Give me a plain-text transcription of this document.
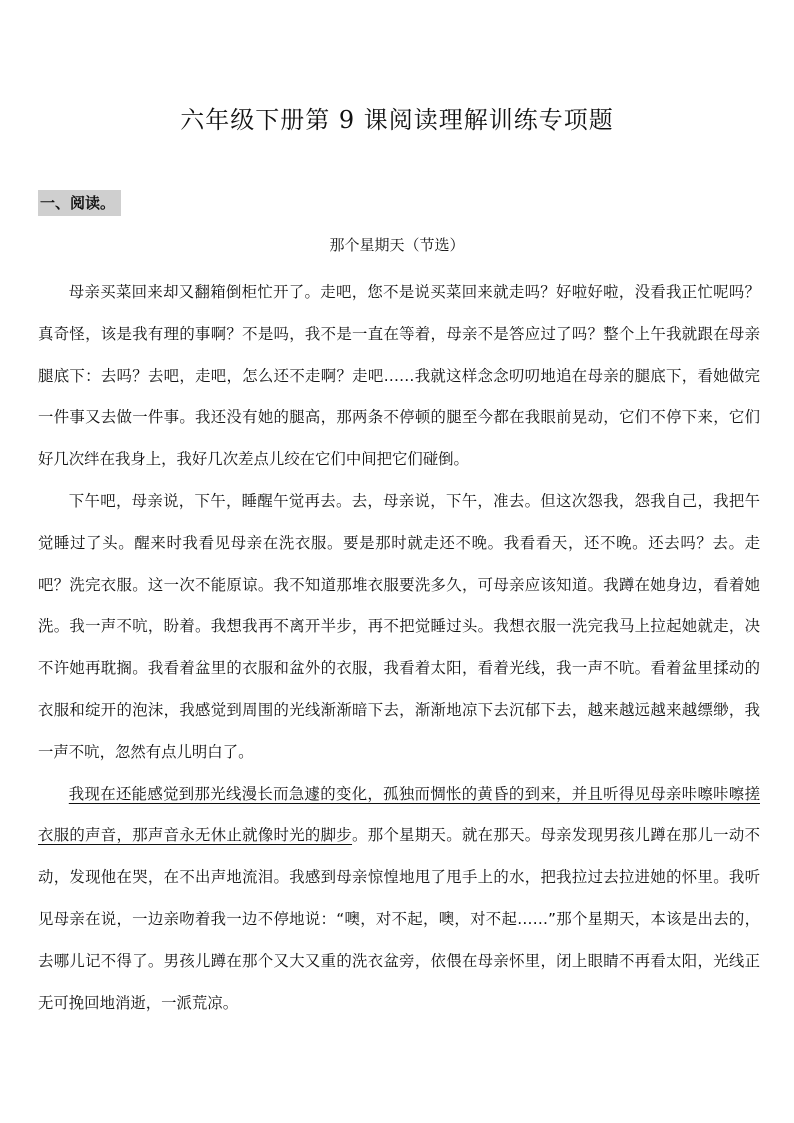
六年级下册第 9 课阅读理解训练专项题
一、阅读。
那个星期天（节选）

母亲买菜回来却又翻箱倒柜忙开了。走吧，您不是说买菜回来就走吗？好啦好啦，没看我正忙呢吗？真奇怪，该是我有理的事啊？不是吗，我不是一直在等着，母亲不是答应过了吗？整个上午我就跟在母亲腿底下：去吗？去吧，走吧，怎么还不走啊？走吧……我就这样念念叨叨地追在母亲的腿底下，看她做完一件事又去做一件事。我还没有她的腿高，那两条不停顿的腿至今都在我眼前晃动，它们不停下来，它们好几次绊在我身上，我好几次差点儿绞在它们中间把它们碰倒。

下午吧，母亲说，下午，睡醒午觉再去。去，母亲说，下午，准去。但这次怨我，怨我自己，我把午觉睡过了头。醒来时我看见母亲在洗衣服。要是那时就走还不晚。我看看天，还不晚。还去吗？去。走吧？洗完衣服。这一次不能原谅。我不知道那堆衣服要洗多久，可母亲应该知道。我蹲在她身边，看着她洗。我一声不吭，盼着。我想我再不离开半步，再不把觉睡过头。我想衣服一洗完我马上拉起她就走，决不许她再耽搁。我看着盆里的衣服和盆外的衣服，我看着太阳，看着光线，我一声不吭。看着盆里揉动的衣服和绽开的泡沫，我感觉到周围的光线渐渐暗下去，渐渐地凉下去沉郁下去，越来越远越来越缥缈，我一声不吭，忽然有点儿明白了。

我现在还能感觉到那光线漫长而急遽的变化，孤独而惆怅的黄昏的到来，并且听得见母亲咔嚓咔嚓搓衣服的声音，那声音永无休止就像时光的脚步。那个星期天。就在那天。母亲发现男孩儿蹲在那儿一动不动，发现他在哭，在不出声地流泪。我感到母亲惊惶地甩了甩手上的水，把我拉过去拉进她的怀里。我听见母亲在说，一边亲吻着我一边不停地说：“噢，对不起，噢，对不起……”那个星期天，本该是出去的，去哪儿记不得了。男孩儿蹲在那个又大又重的洗衣盆旁，依偎在母亲怀里，闭上眼睛不再看太阳，光线正无可挽回地消逝，一派荒凉。
